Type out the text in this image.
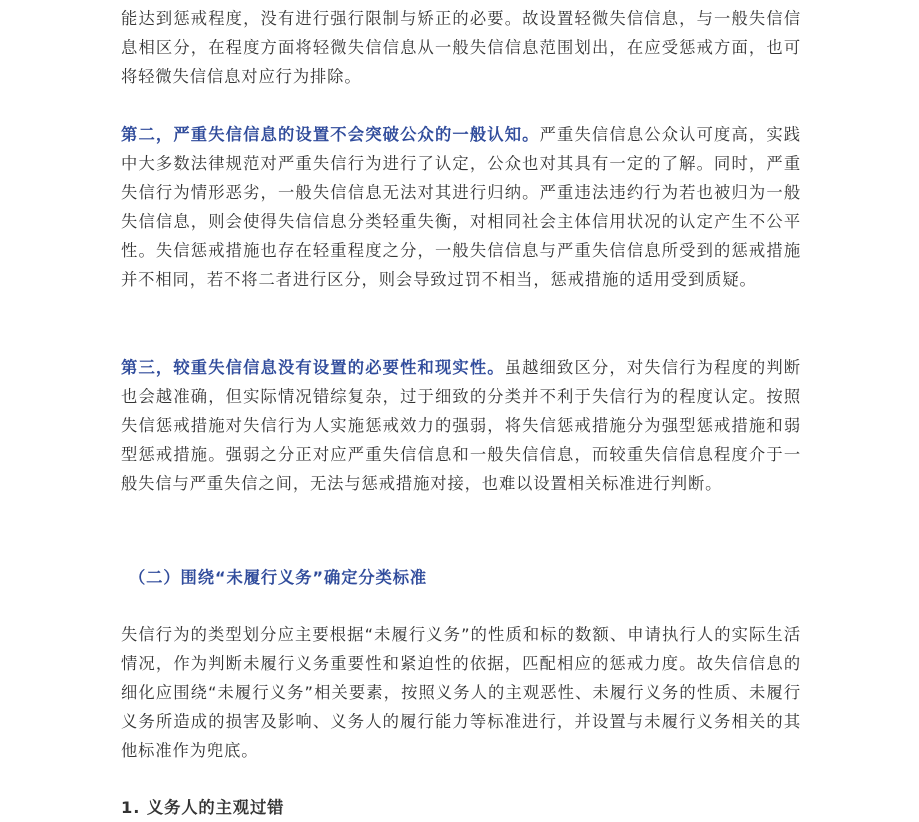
能达到惩戒程度，没有进行强行限制与矫正的必要。故设置轻微失信信息，与一般失信信息相区分，在程度方面将轻微失信信息从一般失信信息范围划出，在应受惩戒方面，也可将轻微失信信息对应行为排除。

第二，严重失信信息的设置不会突破公众的一般认知。严重失信信息公众认可度高，实践中大多数法律规范对严重失信行为进行了认定，公众也对其具有一定的了解。同时，严重失信行为情形恶劣，一般失信信息无法对其进行归纳。严重违法违约行为若也被归为一般失信信息，则会使得失信信息分类轻重失衡，对相同社会主体信用状况的认定产生不公平性。失信惩戒措施也存在轻重程度之分，一般失信信息与严重失信信息所受到的惩戒措施并不相同，若不将二者进行区分，则会导致过罚不相当，惩戒措施的适用受到质疑。

第三，较重失信信息没有设置的必要性和现实性。虽越细致区分，对失信行为程度的判断也会越准确，但实际情况错综复杂，过于细致的分类并不利于失信行为的程度认定。按照失信惩戒措施对失信行为人实施惩戒效力的强弱，将失信惩戒措施分为强型惩戒措施和弱型惩戒措施。强弱之分正对应严重失信信息和一般失信信息，而较重失信信息程度介于一般失信与严重失信之间，无法与惩戒措施对接，也难以设置相关标准进行判断。

（二）围绕“未履行义务”确定分类标准

失信行为的类型划分应主要根据“未履行义务”的性质和标的数额、申请执行人的实际生活情况，作为判断未履行义务重要性和紧迫性的依据，匹配相应的惩戒力度。故失信信息的细化应围绕“未履行义务”相关要素，按照义务人的主观恶性、未履行义务的性质、未履行义务所造成的损害及影响、义务人的履行能力等标准进行，并设置与未履行义务相关的其他标准作为兜底。

1. 义务人的主观过错
